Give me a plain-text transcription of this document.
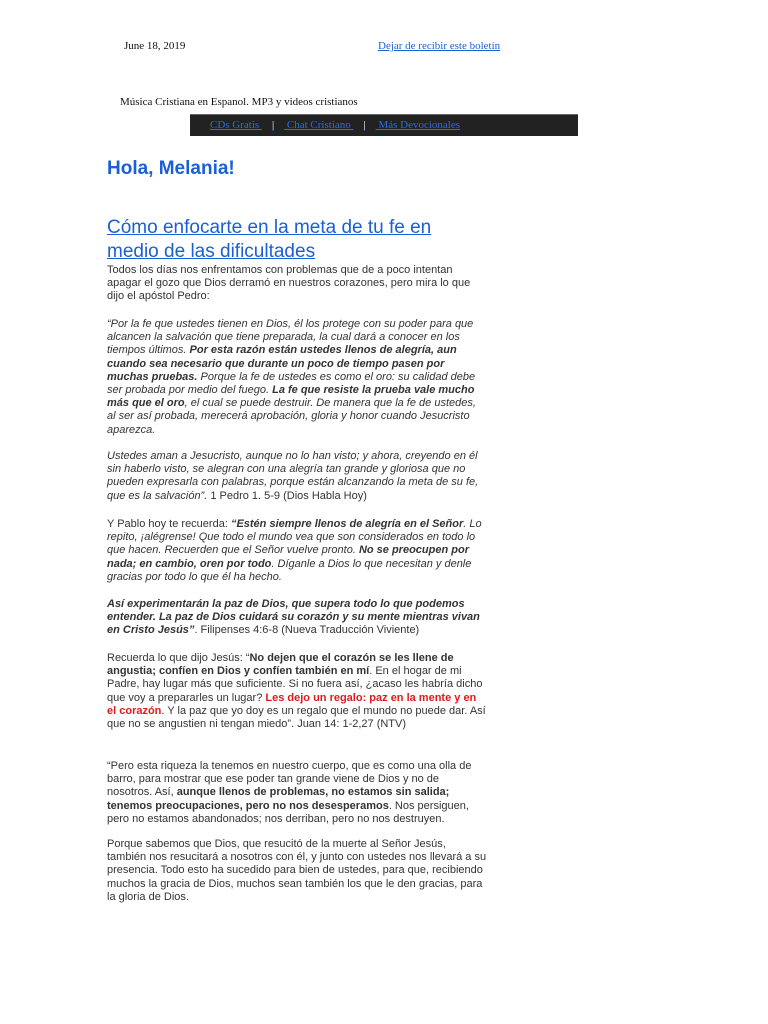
June 18, 2019	Dejar de recibir este boletín
Música Cristiana en Espanol. MP3 y videos cristianos
CDs Gratis | Chat Cristiano | Más Devocionales
Hola, Melania!
Cómo enfocarte en la meta de tu fe en medio de las dificultades

Todos los días nos enfrentamos con problemas que de a poco intentan apagar el gozo que Dios derramó en nuestros corazones, pero mira lo que dijo el apóstol Pedro:

“Por la fe que ustedes tienen en Dios, él los protege con su poder para que alcancen la salvación que tiene preparada, la cual dará a conocer en los tiempos últimos. Por esta razón están ustedes llenos de alegría, aun cuando sea necesario que durante un poco de tiempo pasen por muchas pruebas. Porque la fe de ustedes es como el oro: su calidad debe ser probada por medio del fuego. La fe que resiste la prueba vale mucho más que el oro, el cual se puede destruir. De manera que la fe de ustedes, al ser así probada, merecerá aprobación, gloria y honor cuando Jesucristo aparezca.

Ustedes aman a Jesucristo, aunque no lo han visto; y ahora, creyendo en él sin haberlo visto, se alegran con una alegría tan grande y gloriosa que no pueden expresarla con palabras, porque están alcanzando la meta de su fe, que es la salvación”. 1 Pedro 1. 5-9 (Dios Habla Hoy)

Y Pablo hoy te recuerda: “Estén siempre llenos de alegría en el Señor. Lo repito, ¡alégrense! Que todo el mundo vea que son considerados en todo lo que hacen. Recuerden que el Señor vuelve pronto. No se preocupen por nada; en cambio, oren por todo. Díganle a Dios lo que necesitan y denle gracias por todo lo que él ha hecho.

Así experimentarán la paz de Dios, que supera todo lo que podemos entender. La paz de Dios cuidará su corazón y su mente mientras vivan en Cristo Jesús”. Filipenses 4:6-8 (Nueva Traducción Viviente)

Recuerda lo que dijo Jesús: “No dejen que el corazón se les llene de angustia; confíen en Dios y confíen también en mí. En el hogar de mi Padre, hay lugar más que suficiente. Si no fuera así, ¿acaso les habría dicho que voy a prepararles un lugar? Les dejo un regalo: paz en la mente y en el corazón. Y la paz que yo doy es un regalo que el mundo no puede dar. Así que no se angustien ni tengan miedo”. Juan 14: 1-2,27 (NTV)

“Pero esta riqueza la tenemos en nuestro cuerpo, que es como una olla de barro, para mostrar que ese poder tan grande viene de Dios y no de nosotros. Así, aunque llenos de problemas, no estamos sin salida; tenemos preocupaciones, pero no nos desesperamos. Nos persiguen, pero no estamos abandonados; nos derriban, pero no nos destruyen.

Porque sabemos que Dios, que resucitó de la muerte al Señor Jesús, también nos resucitará a nosotros con él, y junto con ustedes nos llevará a su presencia. Todo esto ha sucedido para bien de ustedes, para que, recibiendo muchos la gracia de Dios, muchos sean también los que le den gracias, para la gloria de Dios.
